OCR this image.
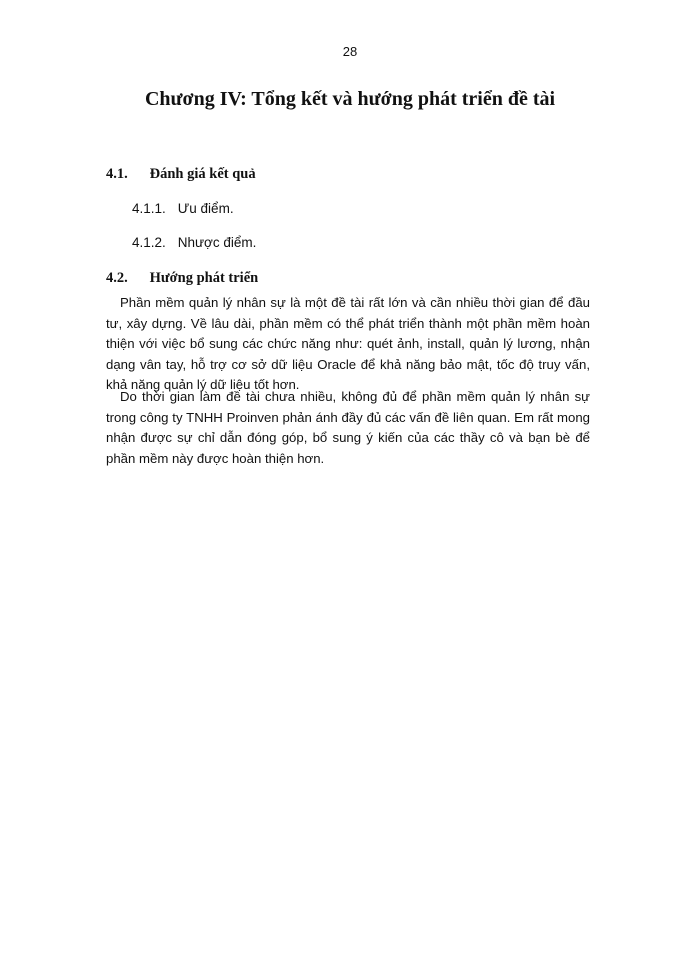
28
Chương IV: Tổng kết và hướng phát triển đề tài
4.1. Đánh giá kết quả
4.1.1. Ưu điểm.
4.1.2. Nhược điểm.
4.2. Hướng phát triển

Phần mềm quản lý nhân sự là một đề tài rất lớn và cần nhiều thời gian để đầu tư, xây dựng. Về lâu dài, phần mềm có thể phát triển thành một phần mềm hoàn thiện với việc bổ sung các chức năng như: quét ảnh, install, quản lý lương, nhận dạng vân tay, hỗ trợ cơ sở dữ liệu Oracle để khả năng bảo mật, tốc độ truy vấn, khả năng quản lý dữ liệu tốt hơn.

Do thời gian làm đề tài chưa nhiều, không đủ để phần mềm quản lý nhân sự trong công ty TNHH Proinven phản ánh đầy đủ các vấn đề liên quan. Em rất mong nhận được sự chỉ dẫn đóng góp, bổ sung ý kiến của các thầy cô và bạn bè để phần mềm này được hoàn thiện hơn.
